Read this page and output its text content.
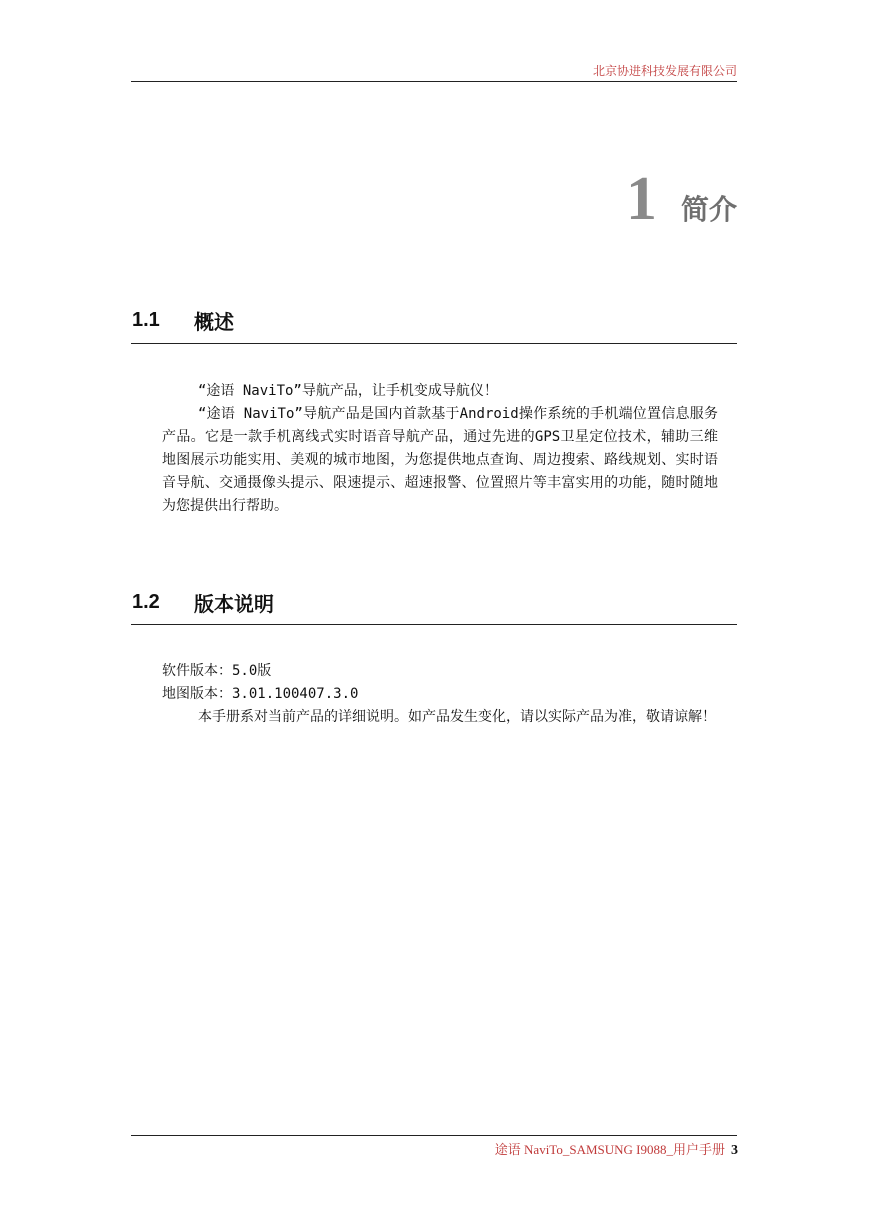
北京协进科技发展有限公司
1 简介
1.1	概述

“途语 NaviTo”导航产品，让手机变成导航仪！

“途语 NaviTo”导航产品是国内首款基于Android操作系统的手机端位置信息服务产品。它是一款手机离线式实时语音导航产品，通过先进的GPS卫星定位技术，辅助三维地图展示功能实用、美观的城市地图，为您提供地点查询、周边搜索、路线规划、实时语音导航、交通摄像头提示、限速提示、超速报警、位置照片等丰富实用的功能，随时随地为您提供出行帮助。

1.2	版本说明

软件版本：5.0版

地图版本：3.01.100407.3.0

本手册系对当前产品的详细说明。如产品发生变化，请以实际产品为准，敬请谅解！

途语 NaviTo_SAMSUNG I9088_用户手册 3
